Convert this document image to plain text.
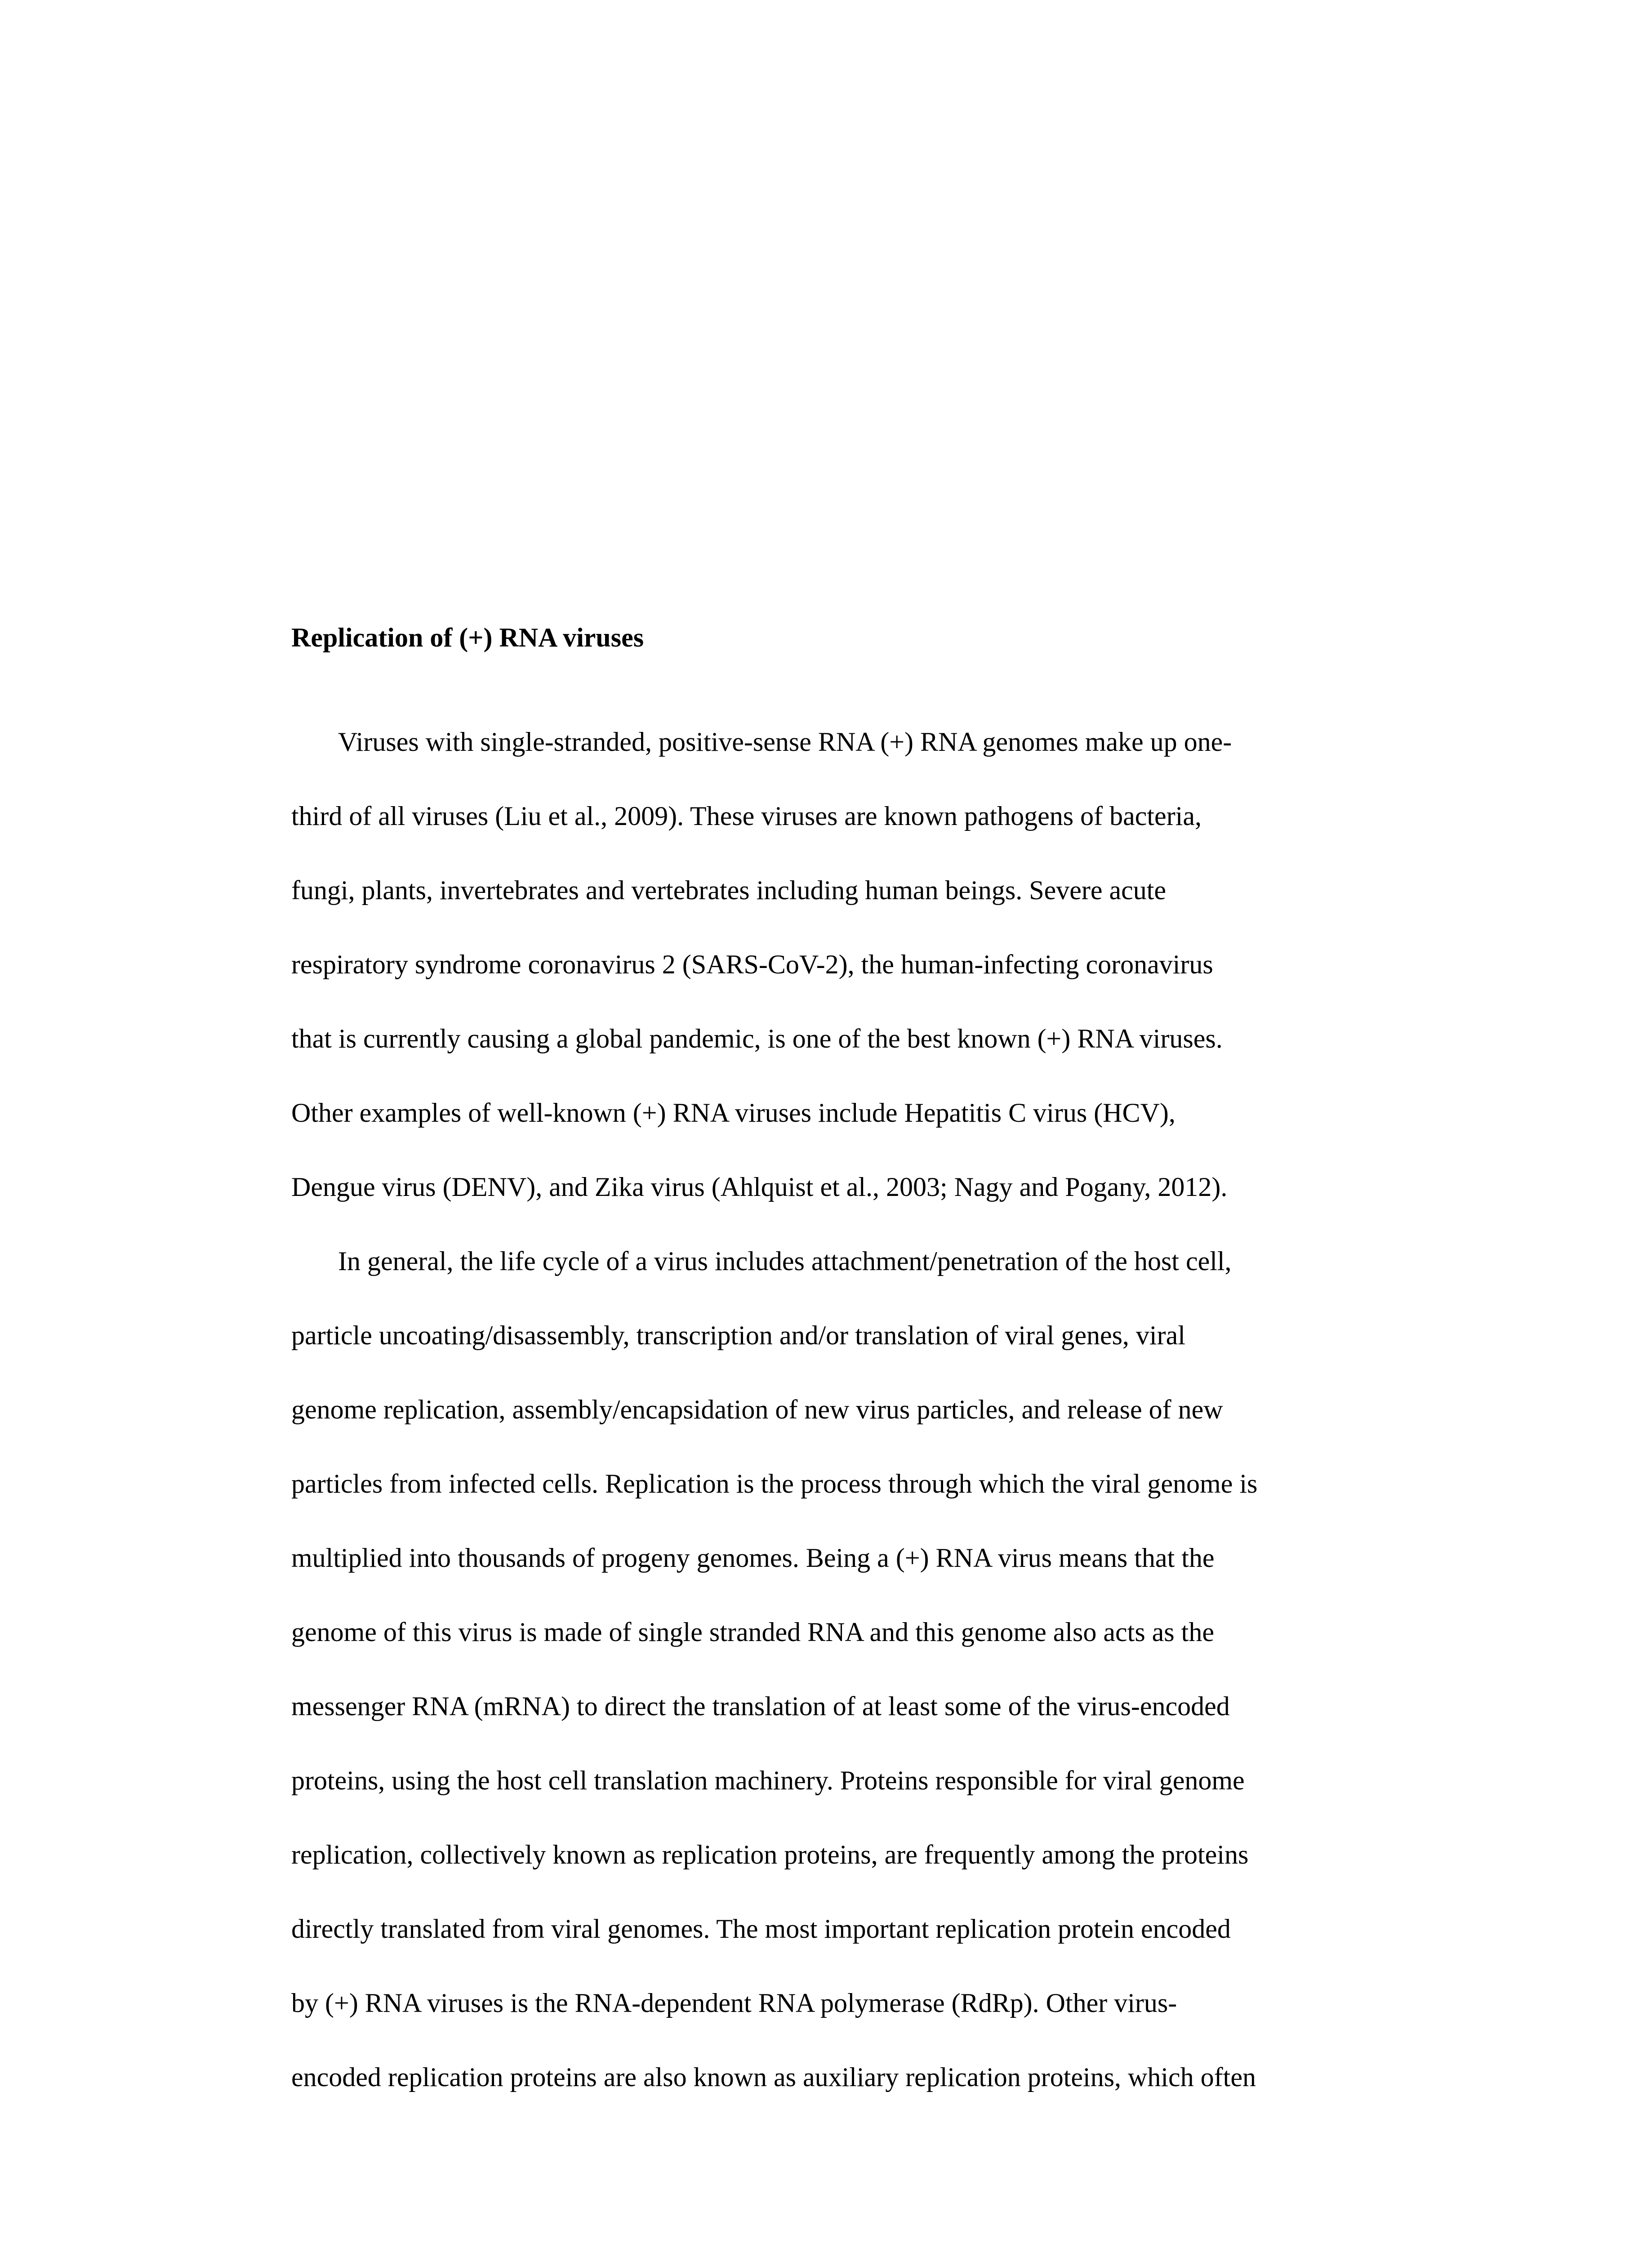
Replication of (+) RNA viruses
Viruses with single-stranded, positive-sense RNA (+) RNA genomes make up one-
third of all viruses (Liu et al., 2009). These viruses are known pathogens of bacteria,
fungi, plants, invertebrates and vertebrates including human beings. Severe acute
respiratory syndrome coronavirus 2 (SARS-CoV-2), the human-infecting coronavirus
that is currently causing a global pandemic, is one of the best known (+) RNA viruses.
Other examples of well-known (+) RNA viruses include Hepatitis C virus (HCV),
Dengue virus (DENV), and Zika virus (Ahlquist et al., 2003; Nagy and Pogany, 2012).
In general, the life cycle of a virus includes attachment/penetration of the host cell,
particle uncoating/disassembly, transcription and/or translation of viral genes, viral
genome replication, assembly/encapsidation of new virus particles, and release of new
particles from infected cells. Replication is the process through which the viral genome is
multiplied into thousands of progeny genomes. Being a (+) RNA virus means that the
genome of this virus is made of single stranded RNA and this genome also acts as the
messenger RNA (mRNA) to direct the translation of at least some of the virus-encoded
proteins, using the host cell translation machinery. Proteins responsible for viral genome
replication, collectively known as replication proteins, are frequently among the proteins
directly translated from viral genomes. The most important replication protein encoded
by (+) RNA viruses is the RNA-dependent RNA polymerase (RdRp). Other virus-
encoded replication proteins are also known as auxiliary replication proteins, which often
